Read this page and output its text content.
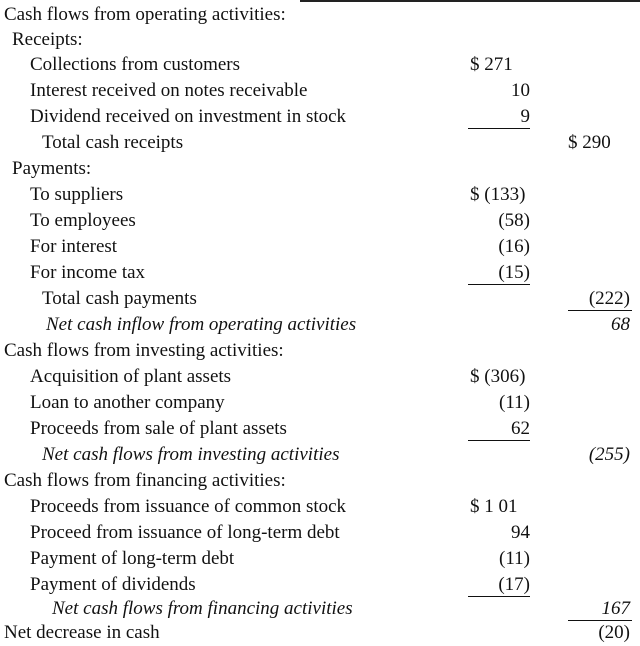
Cash flows from operating activities:
Receipts:
Collections from customers	$ 271
Interest received on notes receivable	10
Dividend received on investment in stock	9
Total cash receipts	$ 290
Payments:
To suppliers	$ (133)
To employees	(58)
For interest	(16)
For income tax	(15)
Total cash payments	(222)
Net cash inflow from operating activities	68
Cash flows from investing activities:
Acquisition of plant assets	$ (306)
Loan to another company	(11)
Proceeds from sale of plant assets	62
Net cash flows from investing activities	(255)
Cash flows from financing activities:
Proceeds from issuance of common stock	$ 1 01
Proceed from issuance of long-term debt	94
Payment of long-term debt	(11)
Payment of dividends	(17)
Net cash flows from financing activities	167
Net decrease in cash	(20)
